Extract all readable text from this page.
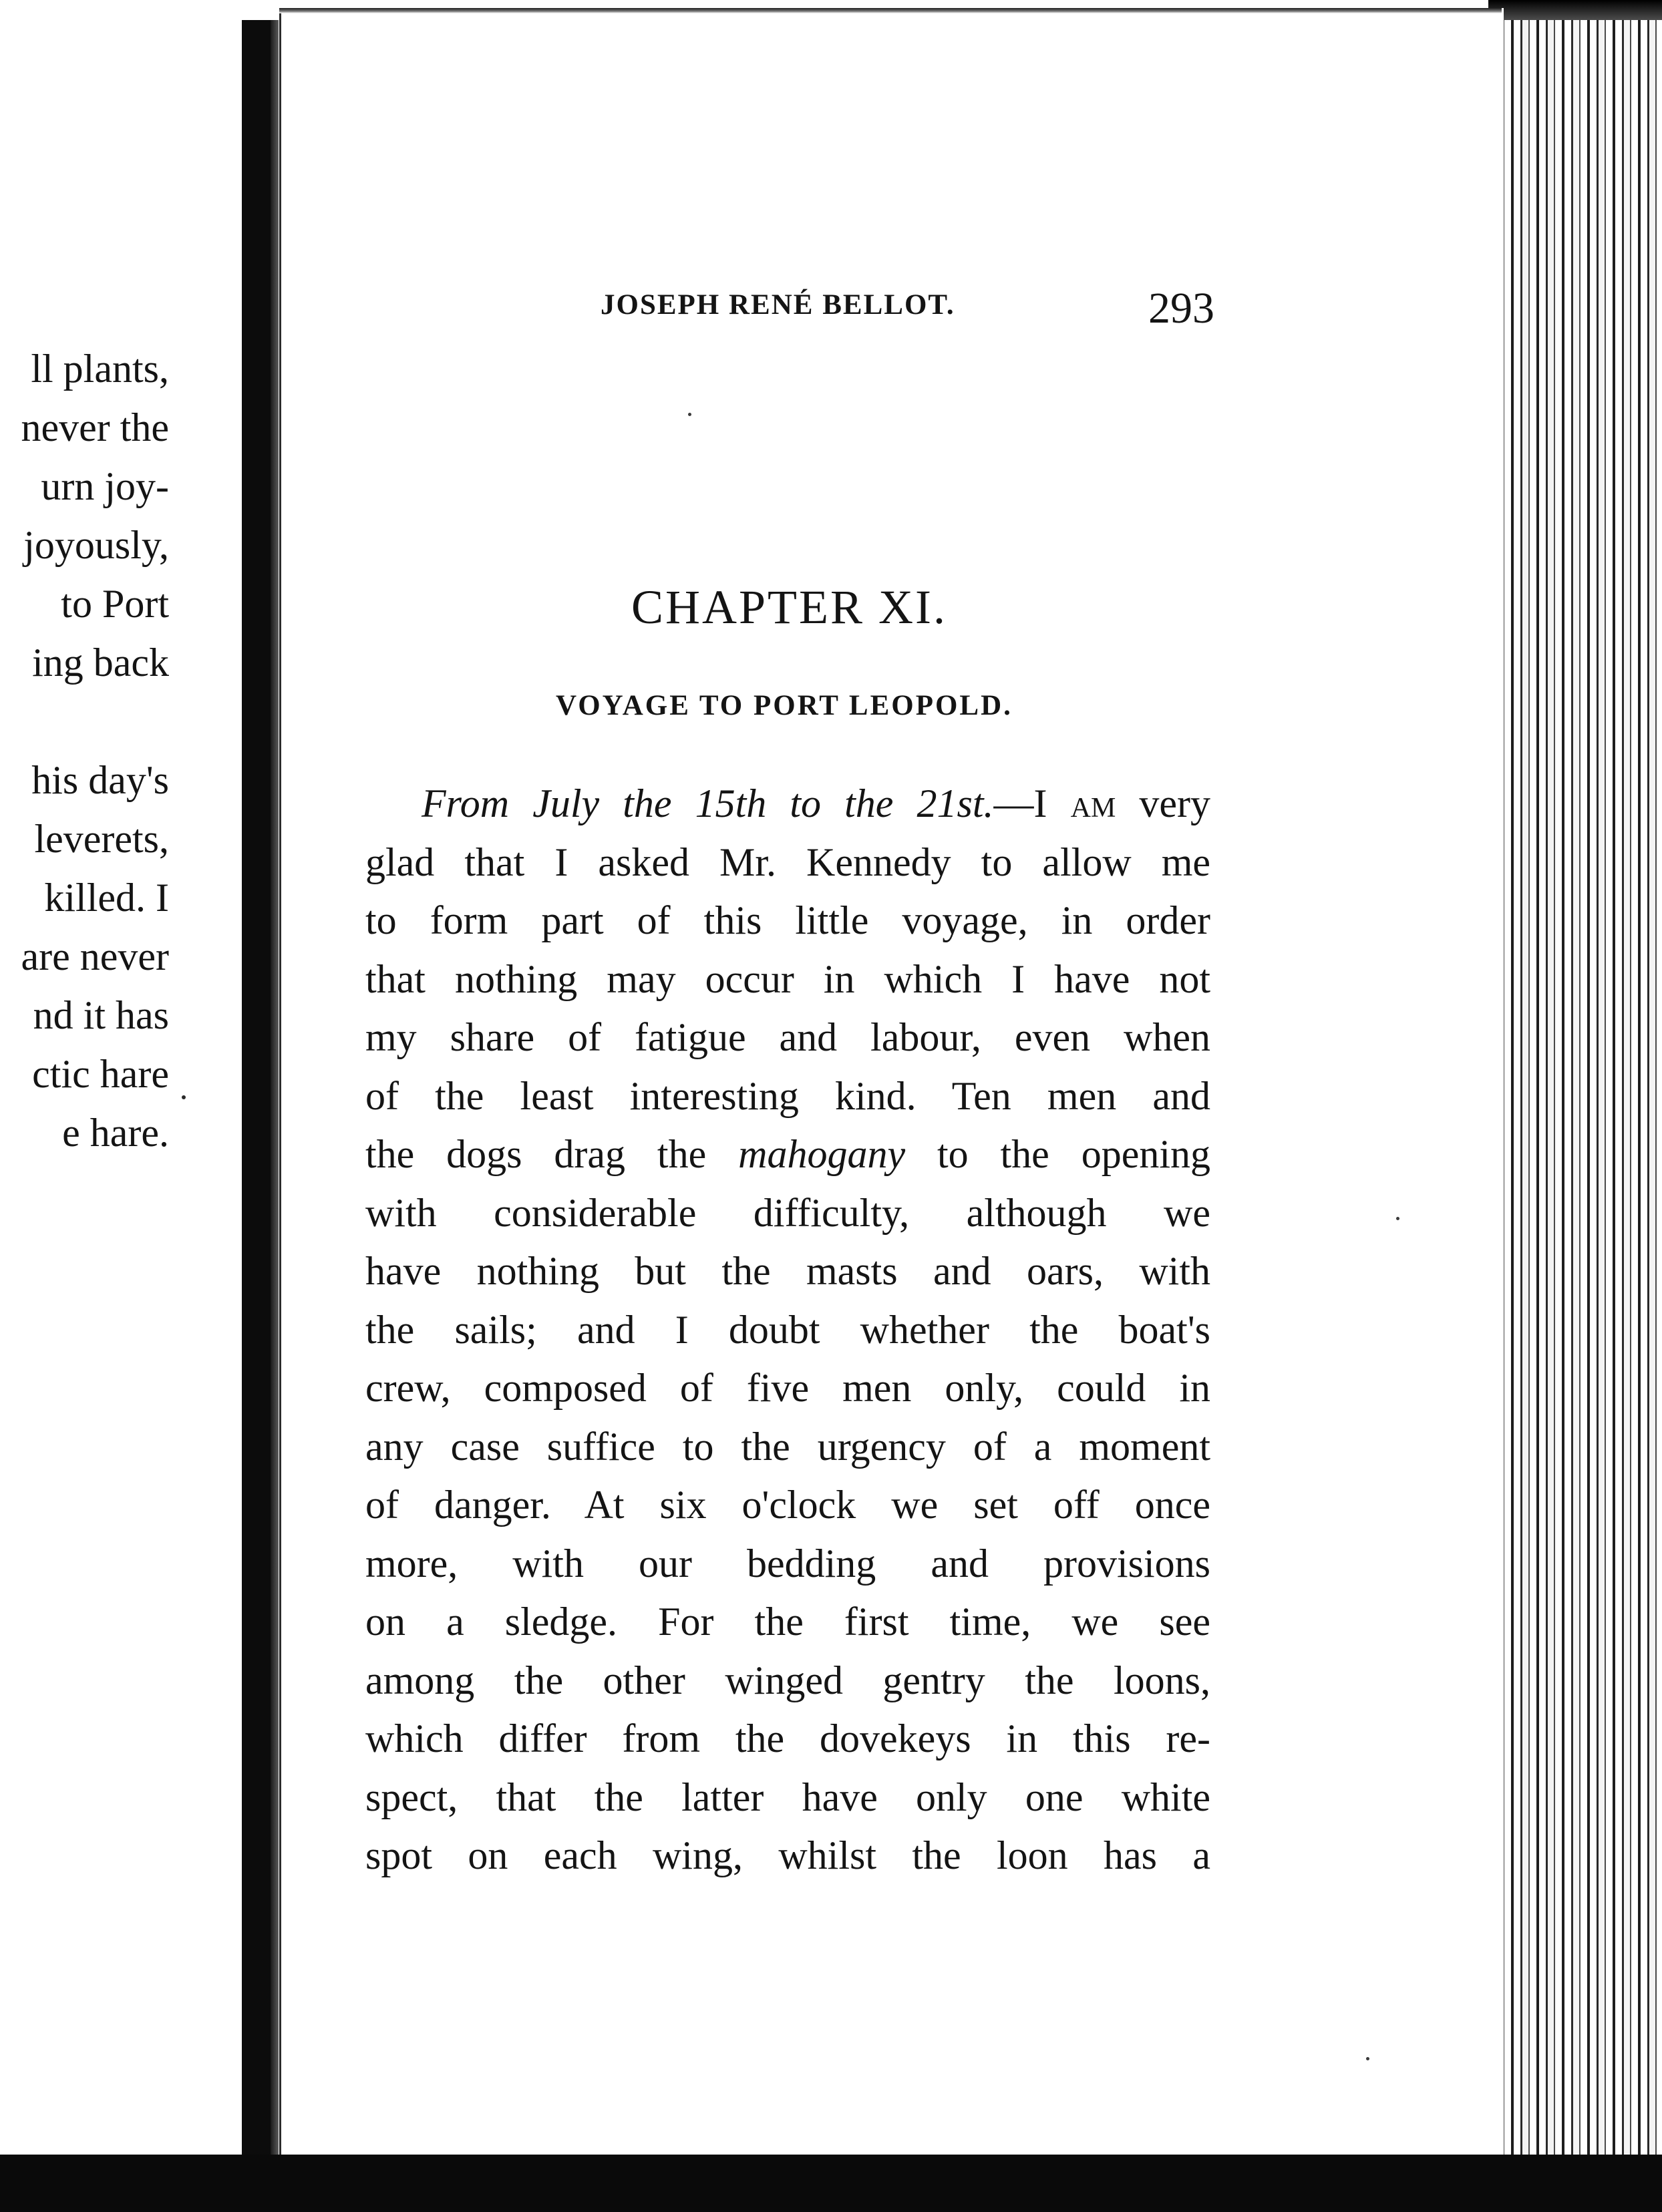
ll plants,
never the
urn joy-
joyously,
to Port
ing back
his day's
leverets,
killed. I
are never
nd it has
ctic hare
e hare.
JOSEPH RENÉ BELLOT.	293
CHAPTER XI.
VOYAGE TO PORT LEOPOLD.
From July the 15th to the 21st.—I am very
glad that I asked Mr. Kennedy to allow me
to form part of this little voyage, in order
that nothing may occur in which I have not
my share of fatigue and labour, even when
of the least interesting kind. Ten men and
the dogs drag the mahogany to the opening
with considerable difficulty, although we
have nothing but the masts and oars, with
the sails; and I doubt whether the boat's
crew, composed of five men only, could in
any case suffice to the urgency of a moment
of danger. At six o'clock we set off once
more, with our bedding and provisions
on a sledge. For the first time, we see
among the other winged gentry the loons,
which differ from the dovekeys in this re-
spect, that the latter have only one white
spot on each wing, whilst the loon has a
